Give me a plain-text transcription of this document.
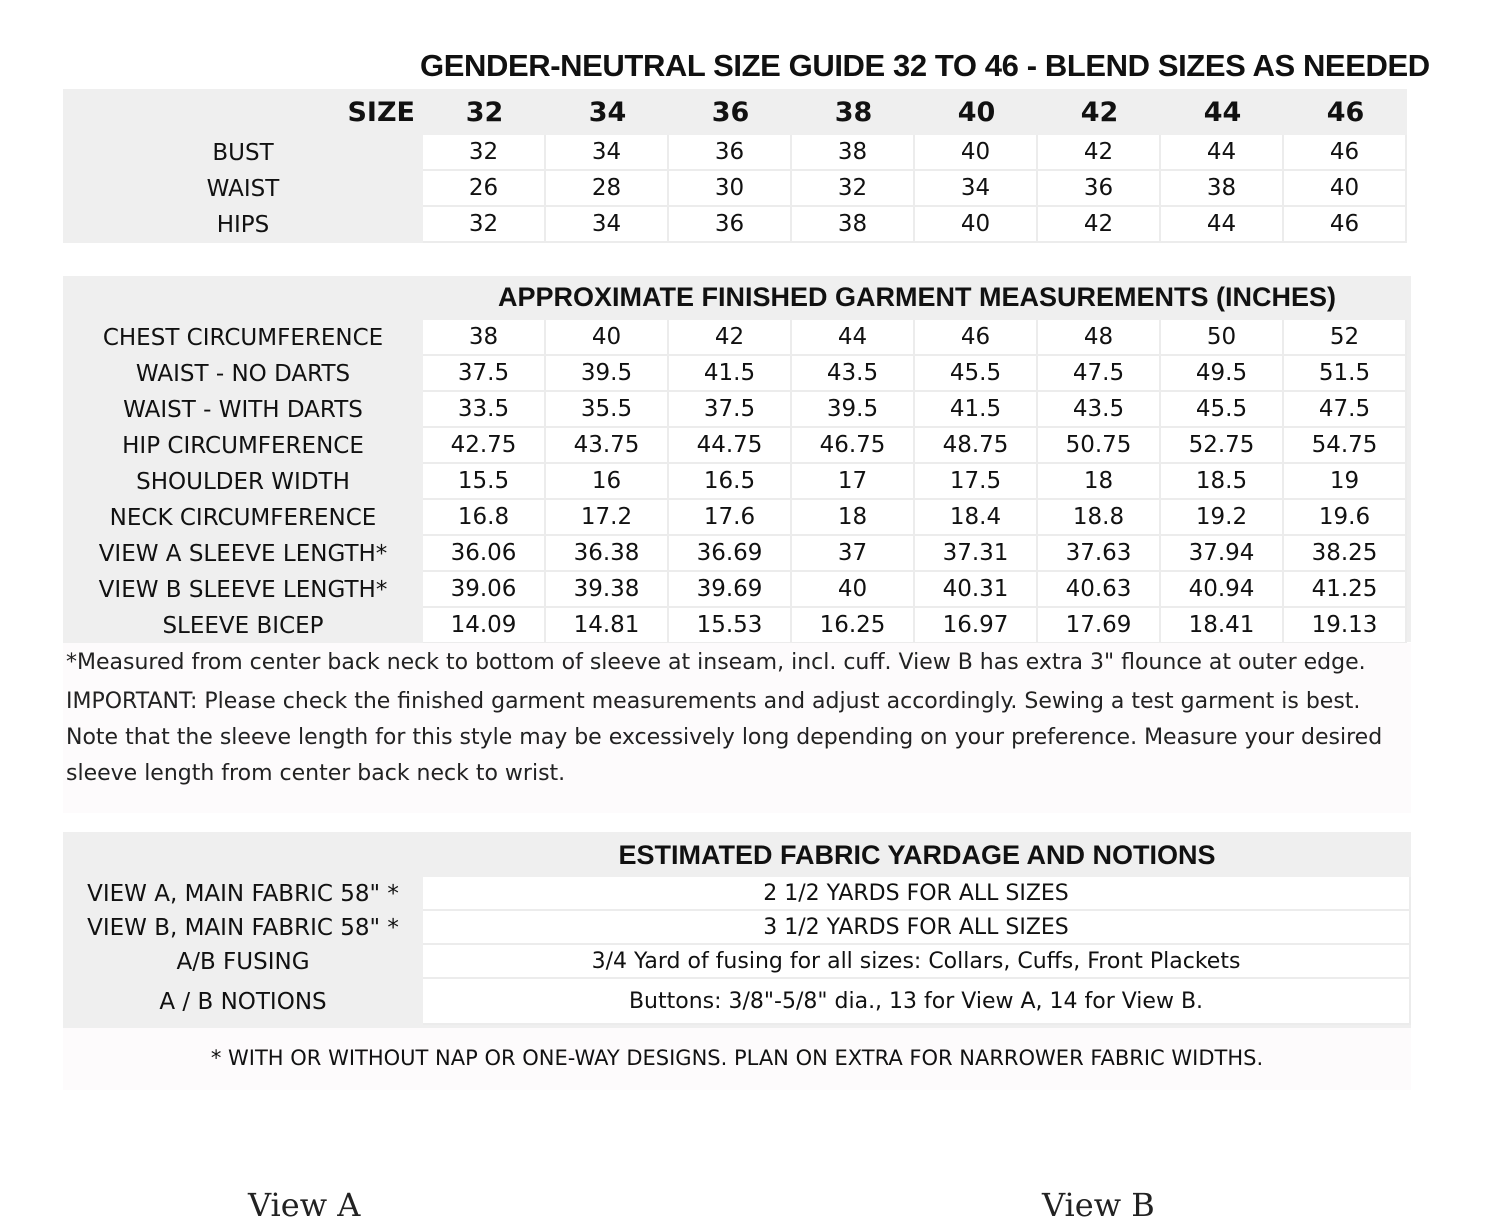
GENDER-NEUTRAL SIZE GUIDE 32 TO 46 - BLEND SIZES AS NEEDED
SIZE	32	34	36	38	40	42	44	46
BUST	32	34	36	38	40	42	44	46
WAIST	26	28	30	32	34	36	38	40
HIPS	32	34	36	38	40	42	44	46
APPROXIMATE FINISHED GARMENT MEASUREMENTS (INCHES)
CHEST CIRCUMFERENCE	38	40	42	44	46	48	50	52
WAIST - NO DARTS	37.5	39.5	41.5	43.5	45.5	47.5	49.5	51.5
WAIST - WITH DARTS	33.5	35.5	37.5	39.5	41.5	43.5	45.5	47.5
HIP CIRCUMFERENCE	42.75	43.75	44.75	46.75	48.75	50.75	52.75	54.75
SHOULDER WIDTH	15.5	16	16.5	17	17.5	18	18.5	19
NECK CIRCUMFERENCE	16.8	17.2	17.6	18	18.4	18.8	19.2	19.6
VIEW A SLEEVE LENGTH*	36.06	36.38	36.69	37	37.31	37.63	37.94	38.25
VIEW B SLEEVE LENGTH*	39.06	39.38	39.69	40	40.31	40.63	40.94	41.25
SLEEVE BICEP	14.09	14.81	15.53	16.25	16.97	17.69	18.41	19.13
*Measured from center back neck to bottom of sleeve at inseam, incl. cuff. View B has extra 3" flounce at outer edge.
IMPORTANT: Please check the finished garment measurements and adjust accordingly. Sewing a test garment is best.
Note that the sleeve length for this style may be excessively long depending on your preference. Measure your desired
sleeve length from center back neck to wrist.
ESTIMATED FABRIC YARDAGE AND NOTIONS
VIEW A, MAIN FABRIC 58" *	2 1/2 YARDS FOR ALL SIZES
VIEW B, MAIN FABRIC 58" *	3 1/2 YARDS FOR ALL SIZES
A/B FUSING	3/4 Yard of fusing for all sizes: Collars, Cuffs, Front Plackets
A / B NOTIONS	Buttons: 3/8"-5/8" dia., 13 for View A, 14 for View B.
* WITH OR WITHOUT NAP OR ONE-WAY DESIGNS. PLAN ON EXTRA FOR NARROWER FABRIC WIDTHS.
View A	View B
